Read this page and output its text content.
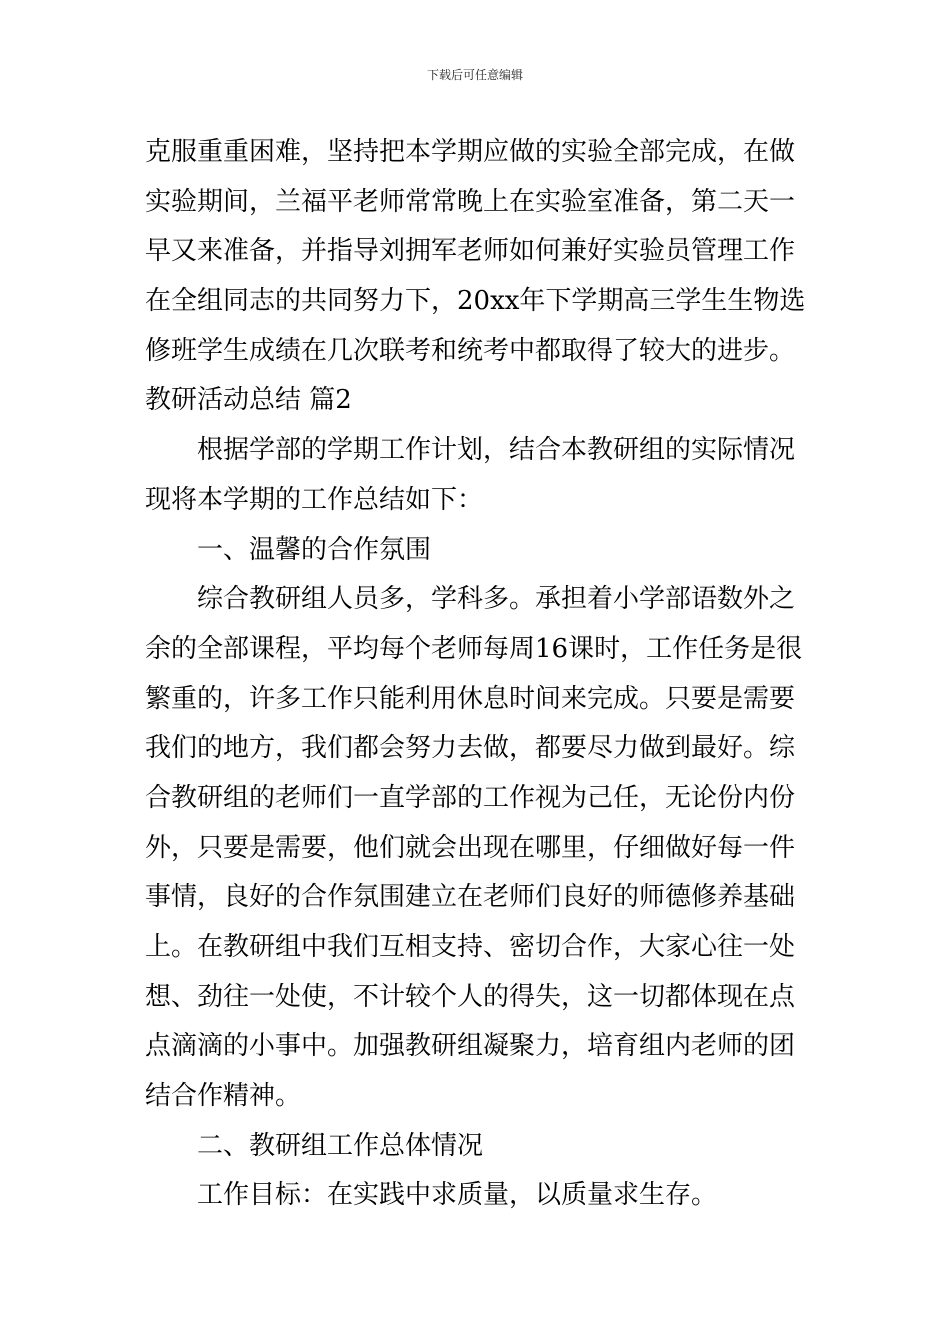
下载后可任意编辑
克服重重困难，坚持把本学期应做的实验全部完成，在做
实验期间，兰福平老师常常晚上在实验室准备，第二天一
早又来准备，并指导刘拥军老师如何兼好实验员管理工作
在全组同志的共同努力下，20xx年下学期高三学生生物选
修班学生成绩在几次联考和统考中都取得了较大的进步。
教研活动总结 篇2
根据学部的学期工作计划，结合本教研组的实际情况
现将本学期的工作总结如下：
一、温馨的合作氛围
综合教研组人员多，学科多。承担着小学部语数外之
余的全部课程，平均每个老师每周16课时，工作任务是很
繁重的，许多工作只能利用休息时间来完成。只要是需要
我们的地方，我们都会努力去做，都要尽力做到最好。综
合教研组的老师们一直学部的工作视为己任，无论份内份
外，只要是需要，他们就会出现在哪里，仔细做好每一件
事情，良好的合作氛围建立在老师们良好的师德修养基础
上。在教研组中我们互相支持、密切合作，大家心往一处
想、劲往一处使，不计较个人的得失，这一切都体现在点
点滴滴的小事中。加强教研组凝聚力，培育组内老师的团
结合作精神。
二、教研组工作总体情况
工作目标：在实践中求质量，以质量求生存。
